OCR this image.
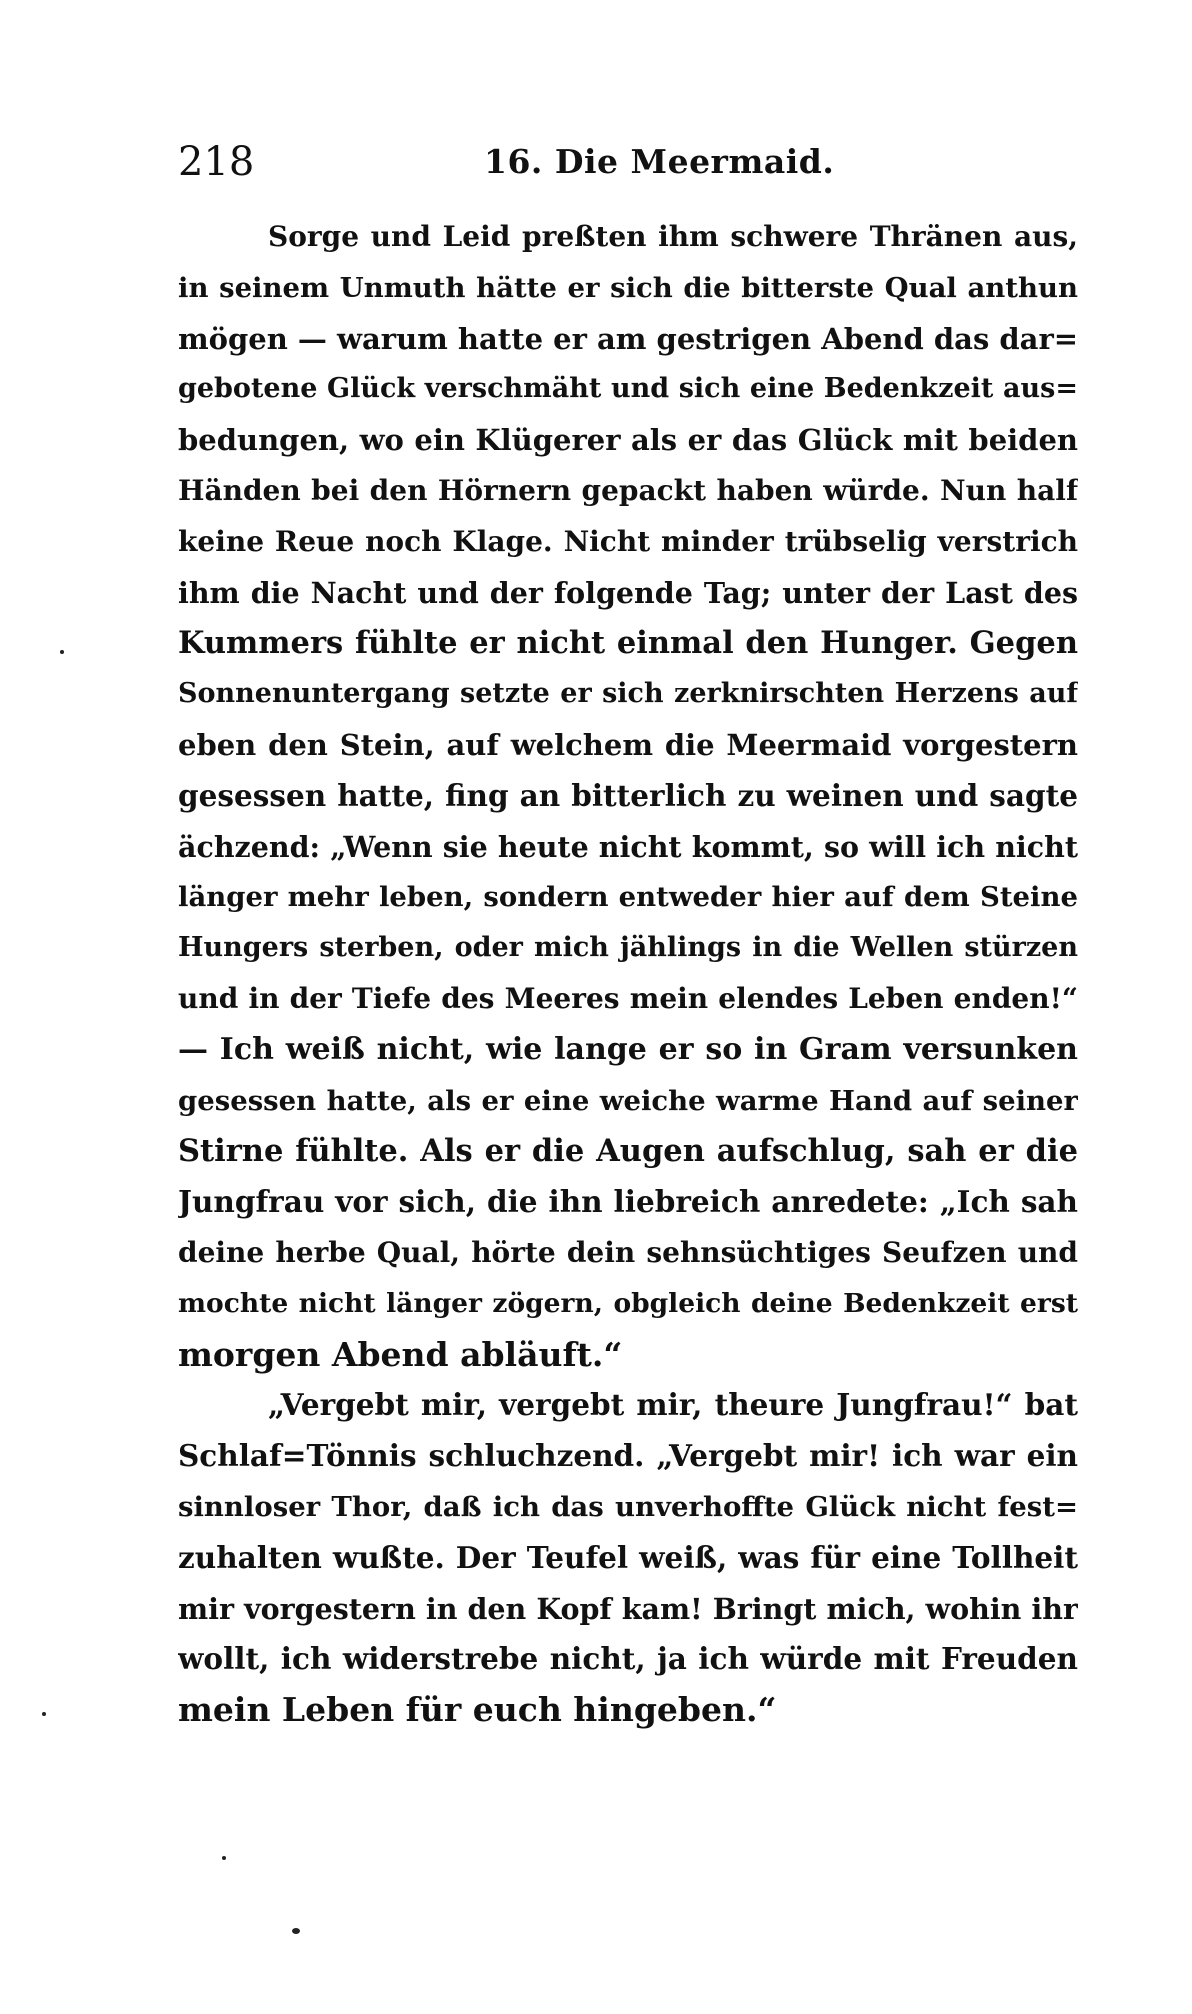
218	16. Die Meermaid.
Sorge und Leid preßten ihm schwere Thränen aus,
in seinem Unmuth hätte er sich die bitterste Qual anthun
mögen — warum hatte er am gestrigen Abend das dar=
gebotene Glück verschmäht und sich eine Bedenkzeit aus=
bedungen, wo ein Klügerer als er das Glück mit beiden
Händen bei den Hörnern gepackt haben würde. Nun half
keine Reue noch Klage. Nicht minder trübselig verstrich
ihm die Nacht und der folgende Tag; unter der Last des
Kummers fühlte er nicht einmal den Hunger. Gegen
Sonnenuntergang setzte er sich zerknirschten Herzens auf
eben den Stein, auf welchem die Meermaid vorgestern
gesessen hatte, fing an bitterlich zu weinen und sagte
ächzend: „Wenn sie heute nicht kommt, so will ich nicht
länger mehr leben, sondern entweder hier auf dem Steine
Hungers sterben, oder mich jählings in die Wellen stürzen
und in der Tiefe des Meeres mein elendes Leben enden!“
— Ich weiß nicht, wie lange er so in Gram versunken
gesessen hatte, als er eine weiche warme Hand auf seiner
Stirne fühlte. Als er die Augen aufschlug, sah er die
Jungfrau vor sich, die ihn liebreich anredete: „Ich sah
deine herbe Qual, hörte dein sehnsüchtiges Seufzen und
mochte nicht länger zögern, obgleich deine Bedenkzeit erst
morgen Abend abläuft.“
„Vergebt mir, vergebt mir, theure Jungfrau!“ bat
Schlaf=Tönnis schluchzend. „Vergebt mir! ich war ein
sinnloser Thor, daß ich das unverhoffte Glück nicht fest=
zuhalten wußte. Der Teufel weiß, was für eine Tollheit
mir vorgestern in den Kopf kam! Bringt mich, wohin ihr
wollt, ich widerstrebe nicht, ja ich würde mit Freuden
mein Leben für euch hingeben.“
